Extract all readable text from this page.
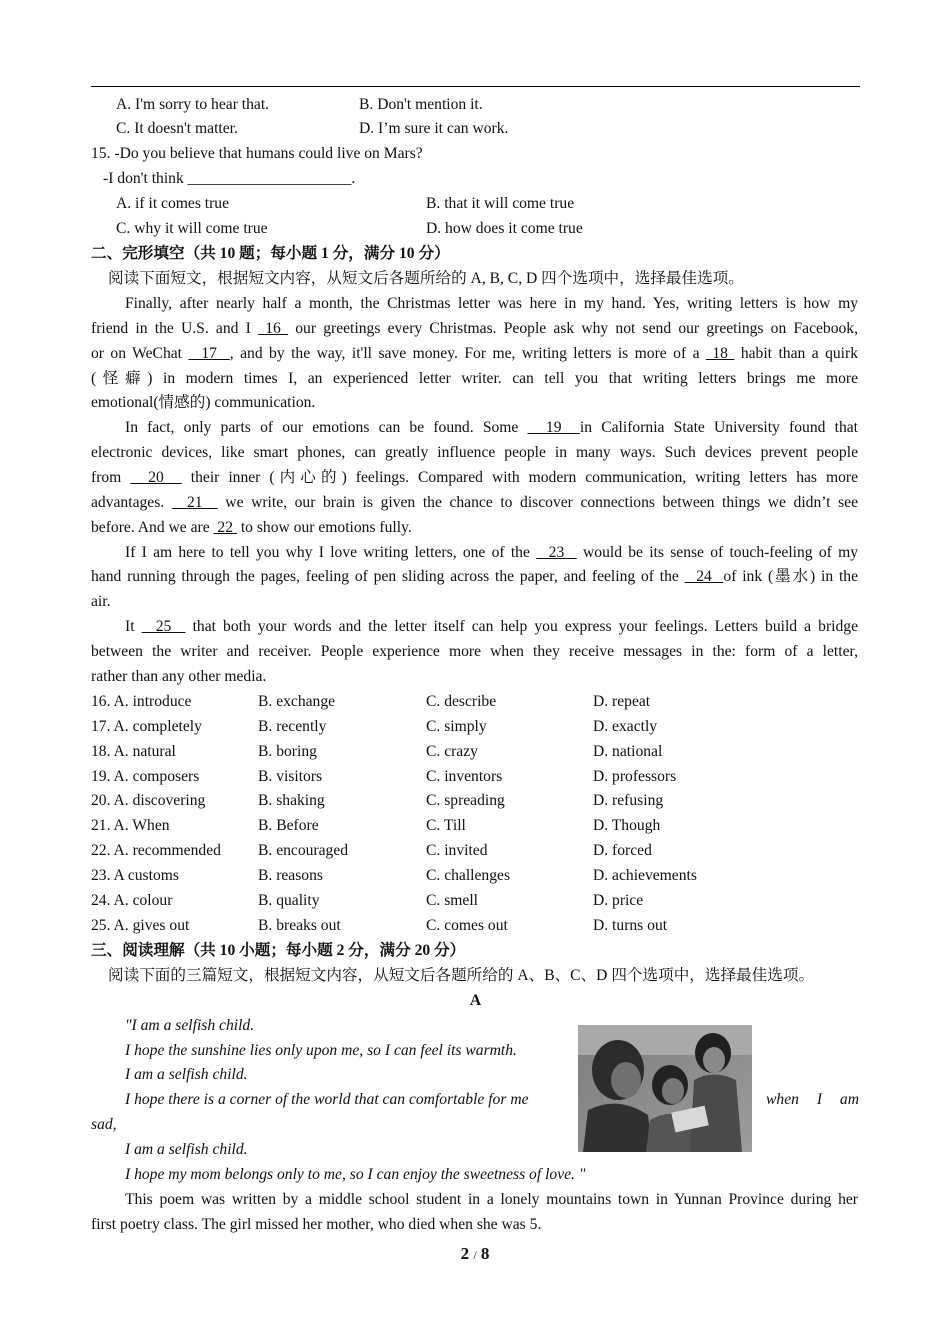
A. I'm sorry to hear that.	B. Don't mention it.
C. It doesn't matter.	D. I’m sure it can work.
15. -Do you believe that humans could live on Mars?
-I don't think _____________________.
A. if it comes true	B. that it will come true
C. why it will come true	D. how does it come true
二、完形填空（共 10 题；每小题 1 分，满分 10 分）
阅读下面短文，根据短文内容，从短文后各题所给的 A, B, C, D 四个选项中，选择最佳选项。
Finally, after nearly half a month, the Christmas letter was here in my hand. Yes, writing letters is how my
friend in the U.S. and I  16  our greetings every Christmas. People ask why not send our greetings on Facebook,
or on WeChat   17  , and by the way, it'll save money. For me, writing letters is more of a  18  habit than a quirk
(怪癖) in modern times I, an experienced letter writer. can tell you that writing letters brings me more
emotional(情感的) communication.
In fact, only parts of our emotions can be found. Some   19  in California State University found that
electronic devices, like smart phones, can greatly influence people in many ways. Such devices prevent people
from   20   their inner (内心的) feelings. Compared with modern communication, writing letters has more
advantages.   21   we write, our brain is given the chance to discover connections between things we didn’t see
before. And we are  22  to show our emotions fully.
If I am here to tell you why I love writing letters, one of the   23   would be its sense of touch-feeling of my
hand running through the pages, feeling of pen sliding across the paper, and feeling of the   24  of ink (墨水) in the
air.
It   25   that both your words and the letter itself can help you express your feelings. Letters build a bridge
between the writer and receiver. People experience more when they receive messages in the: form of a letter,
rather than any other media.
16. A. introduce	B. exchange	C. describe	D. repeat
17. A. completely	B. recently	C. simply	D. exactly
18. A. natural	B. boring	C. crazy	D. national
19. A. composers	B. visitors	C. inventors	D. professors
20. A. discovering	B. shaking	C. spreading	D. refusing
21. A. When	B. Before	C. Till	D. Though
22. A. recommended B. encouraged	C. invited	D. forced
23. A customs	B. reasons	C. challenges	D. achievements
24. A. colour	B. quality	C. smell	D. price
25. A. gives out	B. breaks out	C. comes out	D. turns out
三、阅读理解（共 10 小题；每小题 2 分，满分 20 分）
阅读下面的三篇短文，根据短文内容，从短文后各题所给的 A、B、C、D 四个选项中，选择最佳选项。
A
"I am a selfish child.
I hope the sunshine lies only upon me, so I can feel its warmth.
I am a selfish child.
I hope there is a corner of the world that can comfortable for me	when I am
sad,
I am a selfish child.
I hope my mom belongs only to me, so I can enjoy the sweetness of love. "
This poem was written by a middle school student in a lonely mountains town in Yunnan Province during her
first poetry class. The girl missed her mother, who died when she was 5.
2 / 8
